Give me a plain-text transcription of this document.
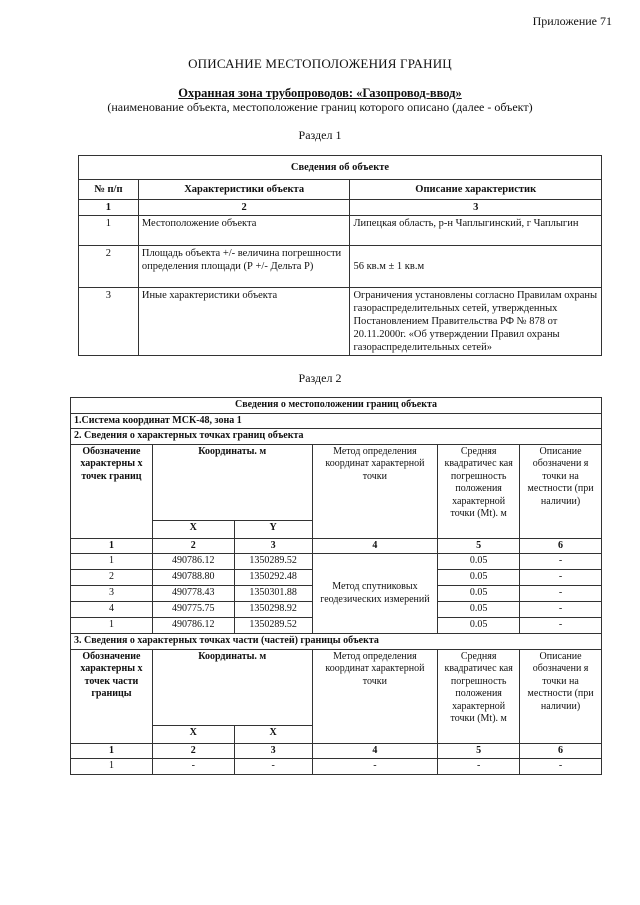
Приложение 71
ОПИСАНИЕ МЕСТОПОЛОЖЕНИЯ ГРАНИЦ
Охранная зона трубопроводов: «Газопровод-ввод»
(наименование объекта, местоположение границ которого описано (далее - объект)
Раздел 1
Сведения об объекте		
№ п/п	Характеристики объекта	Описание характеристик
1	2	3
1	Местоположение объекта	Липецкая область, р-н Чаплыгинский, г Чаплыгин
2	Площадь объекта +/- величина погрешности определения площади (Р +/- Дельта Р)	56 кв.м ± 1 кв.м
3	Иные характеристики объекта	Ограничения установлены согласно Правилам охраны газораспределительных сетей, утвержденных Постановлением Правительства РФ № 878 от 20.11.2000г. «Об утверждении Правил охраны газораспределительных сетей»
Раздел 2
Сведения о местоположении границ объекта					
1.Система координат МСК-48, зона 1					
2. Сведения о характерных точках границ объекта					
Обозначение характерны х точек границ	Координаты. м		Метод определения координат характерной точки	Средняя квадратичес кая погрешность положения характерной точки (Mt). м	Описание обозначени я точки на местности (при наличии)
	X	Y			
1	2	3	4	5	6
1	490786.12	1350289.52	Метод спутниковых геодезических измерений	0.05	-
2	490788.80	1350292.48		0.05	-
3	490778.43	1350301.88		0.05	-
4	490775.75	1350298.92		0.05	-
1	490786.12	1350289.52		0.05	-
3. Сведения о характерных точках части (частей) границы объекта					
Обозначение характерны х точек части границы	Координаты. м		Метод определения координат характерной точки	Средняя квадратичес кая погрешность положения характерной точки (Mt). м	Описание обозначени я точки на местности (при наличии)
	X	X			
1	2	3	4	5	6
1	-	-	-	-	-
